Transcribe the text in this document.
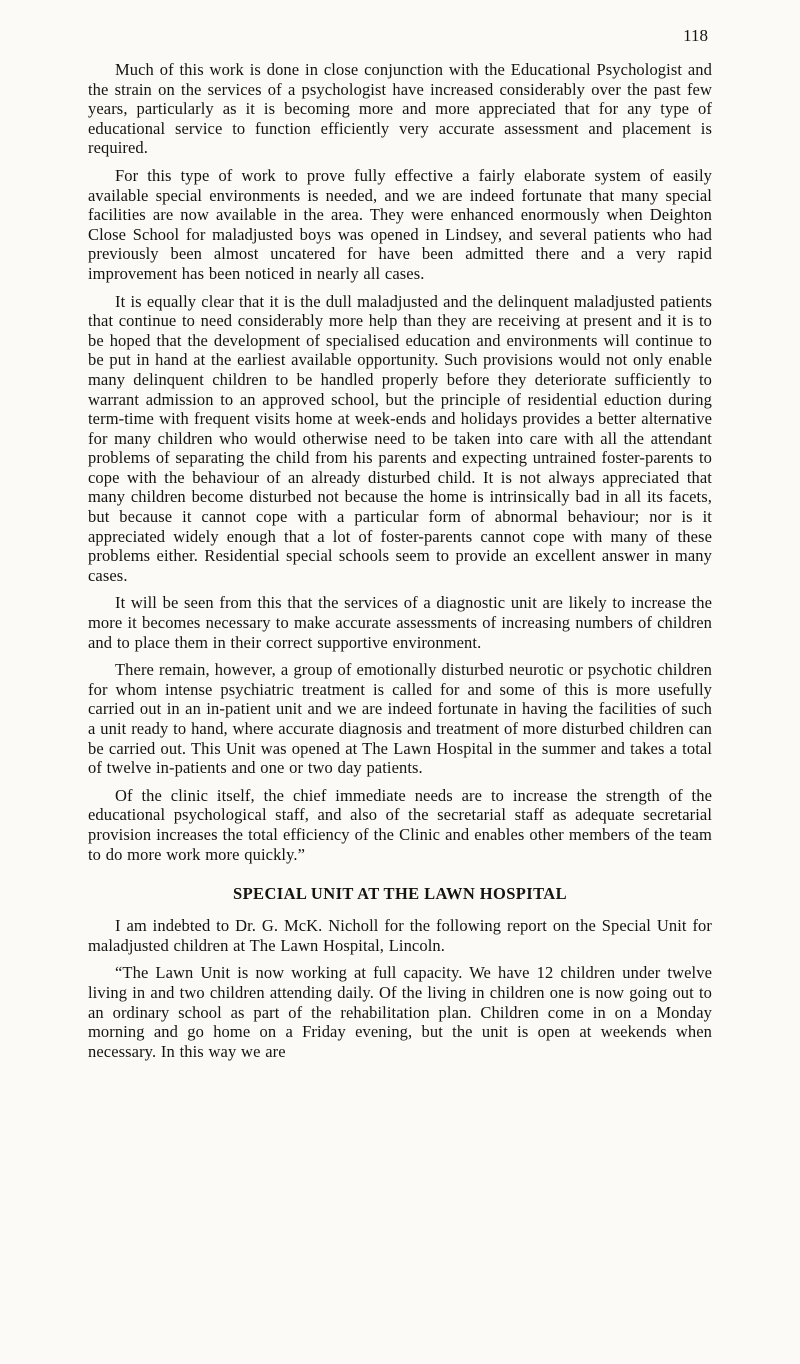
118

Much of this work is done in close conjunction with the Educational Psychologist and the strain on the services of a psychologist have increased considerably over the past few years, particularly as it is becoming more and more appreciated that for any type of educational service to function efficiently very accurate assessment and placement is required.

For this type of work to prove fully effective a fairly elaborate system of easily available special environments is needed, and we are indeed fortunate that many special facilities are now available in the area. They were enhanced enormously when Deighton Close School for maladjusted boys was opened in Lindsey, and several patients who had previously been almost uncatered for have been admitted there and a very rapid improvement has been noticed in nearly all cases.

It is equally clear that it is the dull maladjusted and the delinquent maladjusted patients that continue to need considerably more help than they are receiving at present and it is to be hoped that the development of specialised education and environments will continue to be put in hand at the earliest available opportunity. Such provisions would not only enable many delinquent children to be handled properly before they deteriorate sufficiently to warrant admission to an approved school, but the principle of residential eduction during term-time with frequent visits home at week-ends and holidays provides a better alternative for many children who would otherwise need to be taken into care with all the attendant problems of separating the child from his parents and expecting untrained foster-parents to cope with the behaviour of an already disturbed child. It is not always appreciated that many children become disturbed not because the home is intrinsically bad in all its facets, but because it cannot cope with a particular form of abnormal behaviour; nor is it appreciated widely enough that a lot of foster-parents cannot cope with many of these problems either. Residential special schools seem to provide an excellent answer in many cases.

It will be seen from this that the services of a diagnostic unit are likely to increase the more it becomes necessary to make accurate assessments of increasing numbers of children and to place them in their correct supportive environment.

There remain, however, a group of emotionally disturbed neurotic or psychotic children for whom intense psychiatric treatment is called for and some of this is more usefully carried out in an in-patient unit and we are indeed fortunate in having the facilities of such a unit ready to hand, where accurate diagnosis and treatment of more disturbed children can be carried out. This Unit was opened at The Lawn Hospital in the summer and takes a total of twelve in-patients and one or two day patients.

Of the clinic itself, the chief immediate needs are to increase the strength of the educational psychological staff, and also of the secretarial staff as adequate secretarial provision increases the total efficiency of the Clinic and enables other members of the team to do more work more quickly.”

SPECIAL UNIT AT THE LAWN HOSPITAL

I am indebted to Dr. G. McK. Nicholl for the following report on the Special Unit for maladjusted children at The Lawn Hospital, Lincoln.

“The Lawn Unit is now working at full capacity. We have 12 children under twelve living in and two children attending daily. Of the living in children one is now going out to an ordinary school as part of the rehabilitation plan. Children come in on a Monday morning and go home on a Friday evening, but the unit is open at weekends when necessary. In this way we are
